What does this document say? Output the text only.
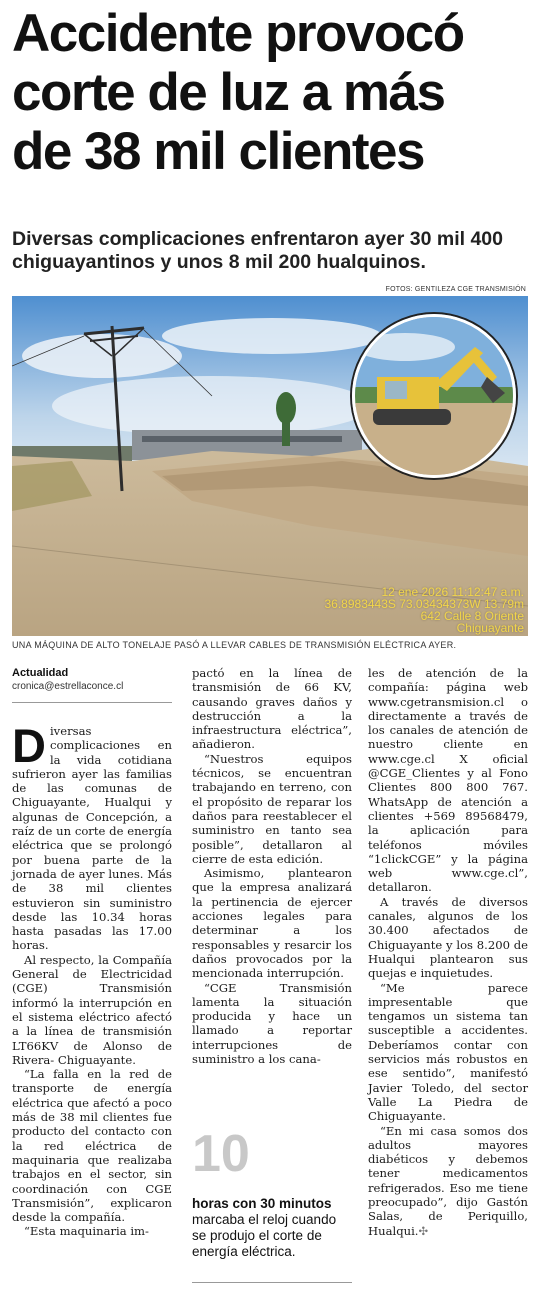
Accidente provocó
corte de luz a más
de 38 mil clientes
Diversas complicaciones enfrentaron ayer 30 mil 400
chiguayantinos y unos 8 mil 200 hualquinos.
FOTOS: GENTILEZA CGE TRANSMISIÓN
12 ene 2026 11:12:47 a.m.
36.8983443S 73.03434373W 13.79m
642 Calle 8 Oriente
Chiguayante
UNA MÁQUINA DE ALTO TONELAJE PASÓ A LLEVAR CABLES DE TRANSMISIÓN ELÉCTRICA AYER.
Actualidad
cronica@estrellaconce.cl

Diversas complicaciones en la vida cotidiana sufrieron ayer las familias de las comunas de Chiguayante, Hualqui y algunas de Concepción, a raíz de un corte de energía eléctrica que se prolongó por buena parte de la jornada de ayer lunes. Más de 38 mil clientes estuvieron sin suministro desde las 10.34 horas hasta pasadas las 17.00 horas.

Al respecto, la Compañía General de Electricidad (CGE) Transmisión informó la interrupción en el sistema eléctrico afectó a la línea de transmisión LT66KV de Alonso de Rivera- Chiguayante.

“La falla en la red de transporte de energía eléctrica que afectó a poco más de 38 mil clientes fue producto del contacto con la red eléctrica de maquinaria que realizaba trabajos en el sector, sin coordinación con CGE Transmisión”, explicaron desde la compañía.

“Esta maquinaria im-

pactó en la línea de transmisión de 66 KV, causando graves daños y destrucción a la infraestructura eléctrica”, añadieron.

“Nuestros equipos técnicos, se encuentran trabajando en terreno, con el propósito de reparar los daños para reestablecer el suministro en tanto sea posible”, detallaron al cierre de esta edición.

Asimismo, plantearon que la empresa analizará la pertinencia de ejercer acciones legales para determinar a los responsables y resarcir los daños provocados por la mencionada interrupción.

“CGE Transmisión lamenta la situación producida y hace un llamado a reportar interrupciones de suministro a los cana-

10
horas con 30 minutos marcaba el reloj cuando se produjo el corte de energía eléctrica.

les de atención de la compañía: página web www.cgetransmision.cl o directamente a través de los canales de atención de nuestro cliente en www.cge.cl X oficial @CGE_Clientes y al Fono Clientes 800 800 767. WhatsApp de atención a clientes +569 89568479, la aplicación para teléfonos móviles “1clickCGE” y la página web www.cge.cl”, detallaron.

A través de diversos canales, algunos de los 30.400 afectados de Chiguayante y los 8.200 de Hualqui plantearon sus quejas e inquietudes.

“Me parece impresentable que tengamos un sistema tan susceptible a accidentes. Deberíamos contar con servicios más robustos en ese sentido”, manifestó Javier Toledo, del sector Valle La Piedra de Chiguayante.

“En mi casa somos dos adultos mayores diabéticos y debemos tener medicamentos refrigerados. Eso me tiene preocupado”, dijo Gastón Salas, de Periquillo, Hualqui.✣
